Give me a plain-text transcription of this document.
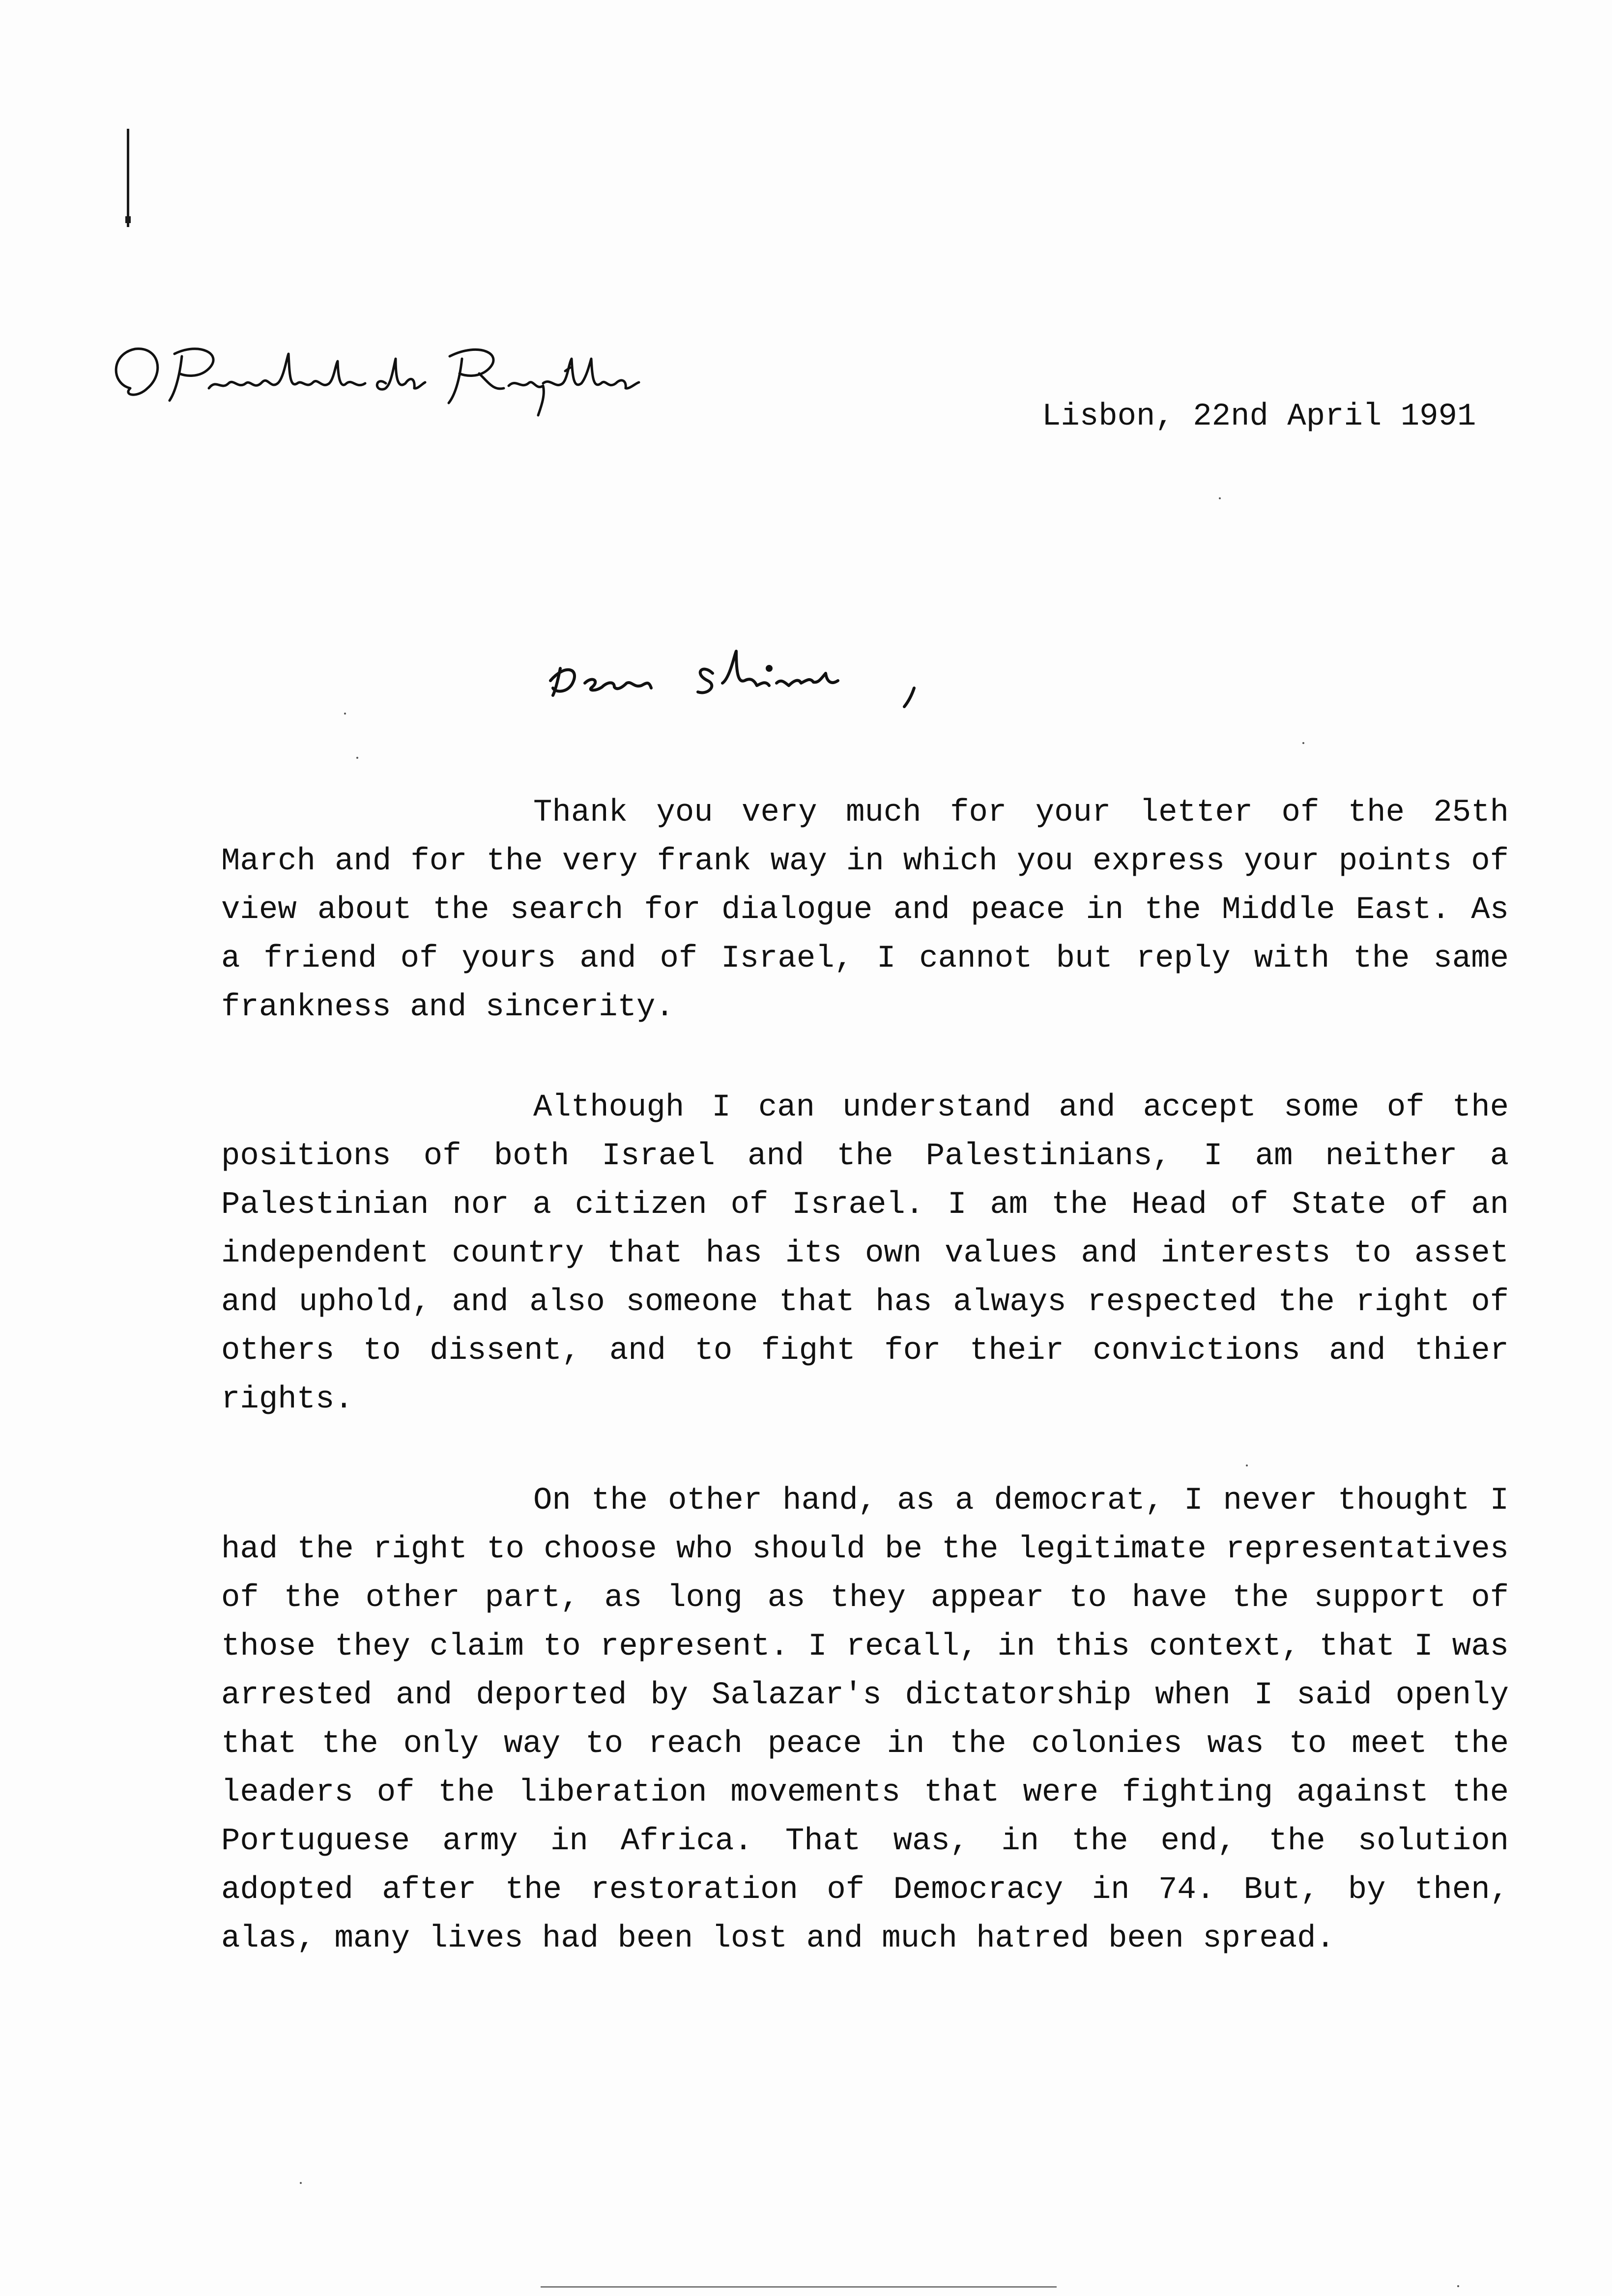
Lisbon, 22nd April 1991

Thank you very much for your letter of the 25th March and for the very frank way in which you express your points of view about the search for dialogue and peace in the Middle East. As a friend of yours and of Israel, I cannot but reply with the same frankness and sincerity.

Although I can understand and accept some of the positions of both Israel and the Palestinians, I am neither a Palestinian nor a citizen of Israel. I am the Head of State of an independent country that has its own values and interests to asset and uphold, and also someone that has always respected the right of others to dissent, and to fight for their convictions and thier rights.

On the other hand, as a democrat, I never thought I had the right to choose who should be the legitimate representatives of the other part, as long as they appear to have the support of those they claim to represent. I recall, in this context, that I was arrested and deported by Salazar's dictatorship when I said openly that the only way to reach peace in the colonies was to meet the leaders of the liberation movements that were fighting against the Portuguese army in Africa. That was, in the end, the solution adopted after the restoration of Democracy in 74. But, by then, alas, many lives had been lost and much hatred been spread.
